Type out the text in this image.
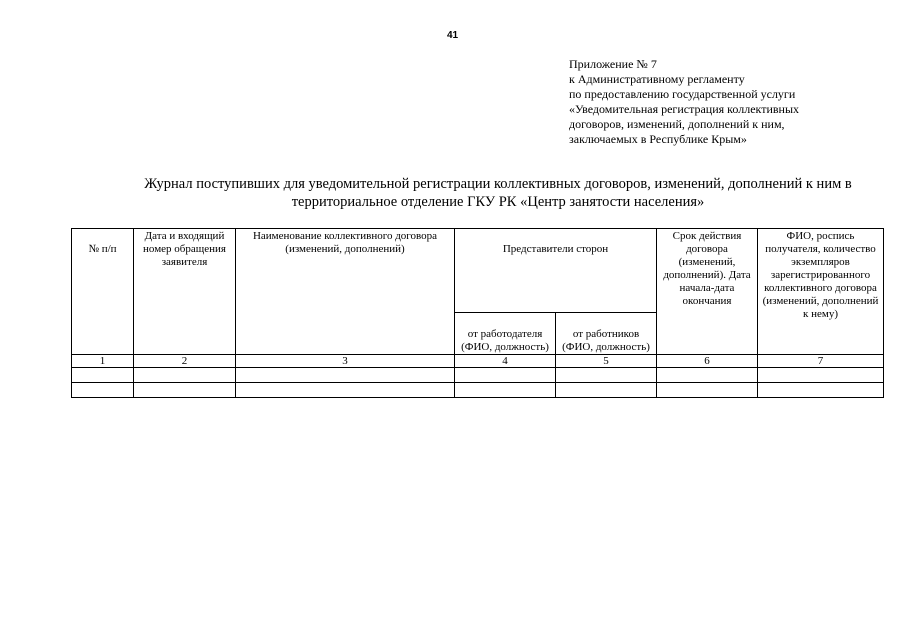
41
Приложение № 7
к Административному регламенту
по предоставлению государственной услуги
«Уведомительная регистрация коллективных
договоров, изменений, дополнений к ним,
заключаемых в Республике Крым»
Журнал поступивших для уведомительной регистрации коллективных договоров, изменений, дополнений к ним в
территориальное отделение ГКУ РК «Центр занятости населения»
№ п/п	Дата и входящий номер обращения заявителя	Наименование коллективного договора (изменений, дополнений)	Представители сторон		Срок действия договора (изменений, дополнений). Дата начала-дата окончания	ФИО, роспись получателя, количество экземпляров зарегистрированного коллективного договора (изменений, дополнений к нему)
			от работодателя (ФИО, должность)	от работников (ФИО, должность)		
1	2	3	4	5	6	7
